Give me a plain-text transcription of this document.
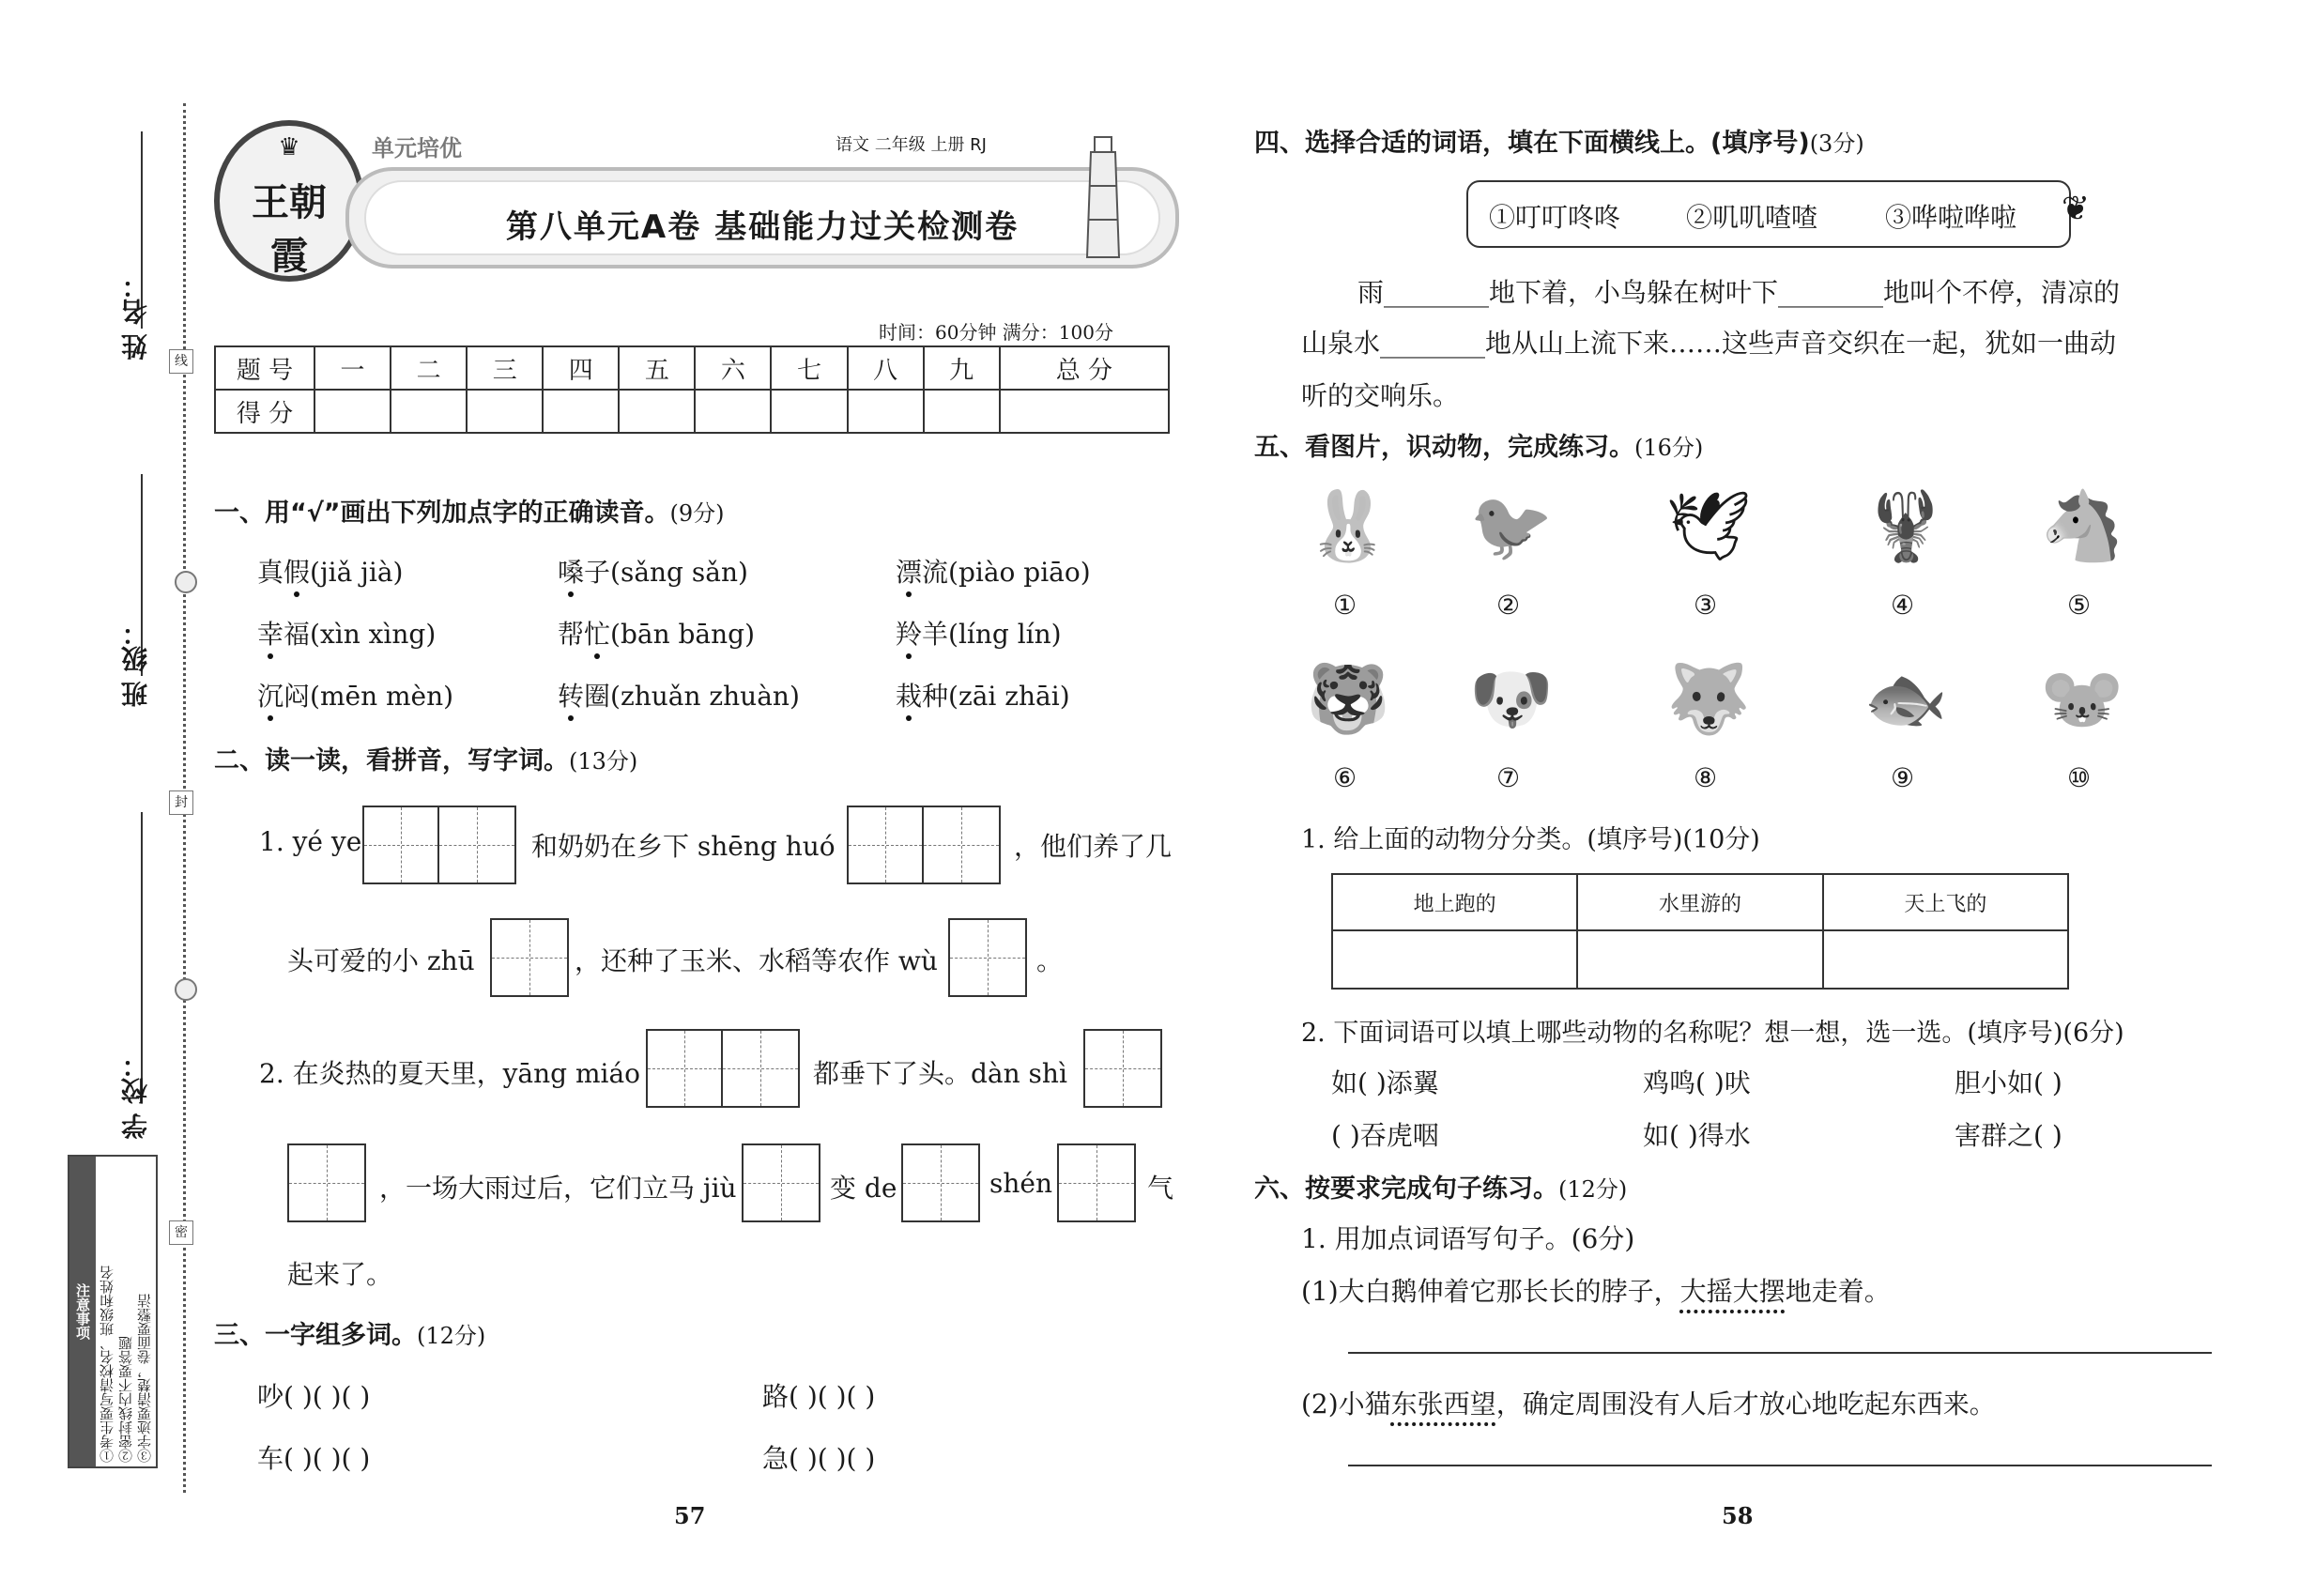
姓 名：
班 级：
学 校：
线
封
密
注意事项 ①考生要写清校名、班级和姓名 ②密封线内不要答题 ③字迹要清楚，卷面要整洁
♛
王朝霞
单元培优	语文 二年级 上册 RJ
第八单元A卷 基础能力过关检测卷
时间：60分钟 满分：100分
题 号	一	二	三	四	五	六	七	八	九	总 分
得 分										
一、用“√”画出下列加点字的正确读音。(9分)
真假(jiǎ jià)	嗓子(sǎng sǎn)	漂流(piào piāo)
幸福(xìn xìng)	帮忙(bān bāng)	羚羊(líng lín)
沉闷(mēn mèn)	转圈(zhuǎn zhuàn)	栽种(zāi zhāi)
二、读一读，看拼音，写字词。(13分)
1. yé ye	和奶奶在乡下 shēng huó	，他们养了几
头可爱的小 zhū	，还种了玉米、水稻等农作 wù	。
2. 在炎热的夏天里，yāng miáo	都垂下了头。dàn shì
，一场大雨过后，它们立马 jiù	变 de	shén	气
起来了。
三、一字组多词。(12分)
吵( )( )( )	路( )( )( )
车( )( )( )	急( )( )( )
57
四、选择合适的词语，填在下面横线上。(填序号)(3分)
①叮叮咚咚 ②叽叽喳喳	③哗啦哗啦 ❦
雨________地下着，小鸟躲在树叶下________地叫个不停，清凉的
山泉水________地从山上流下来……这些声音交织在一起，犹如一曲动
听的交响乐。
五、看图片，识动物，完成练习。(16分)
🐰
①
🐦
②
🕊
③
🦞
④
🐴
⑤
🐯
⑥
🐶
⑦
🐺
⑧
🐟
⑨
🐭
⑩
1. 给上面的动物分分类。(填序号)(10分)
地上跑的	水里游的	天上飞的

2. 下面词语可以填上哪些动物的名称呢？想一想，选一选。(填序号)(6分)
如( )添翼	鸡鸣( )吠	胆小如( )
( )吞虎咽	如( )得水	害群之( )
六、按要求完成句子练习。(12分)
1. 用加点词语写句子。(6分)
(1)大白鹅伸着它那长长的脖子，大摇大摆地走着。
(2)小猫东张西望，确定周围没有人后才放心地吃起东西来。
58
